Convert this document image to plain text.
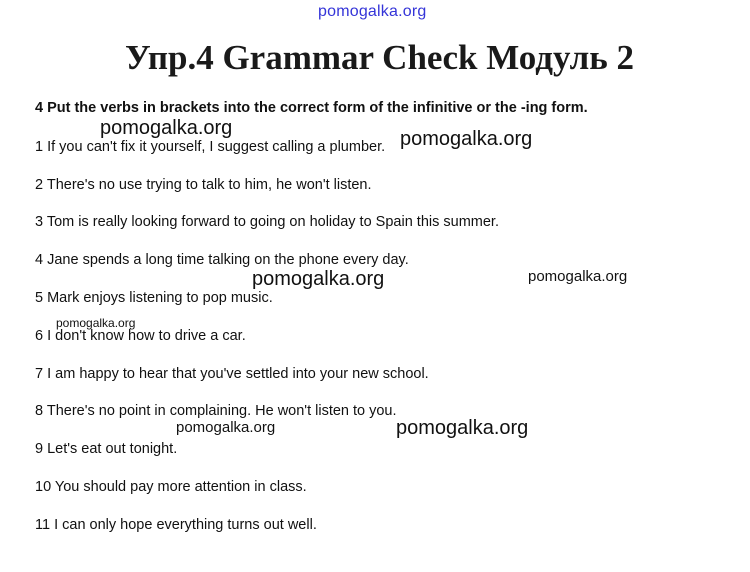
pomogalka.org
Упр.4 Grammar Check Модуль 2
4 Put the verbs in brackets into the correct form of the infinitive or the -ing form.
1 If you can't fix it yourself, I suggest calling a plumber.
2 There's no use trying to talk to him, he won't listen.
3 Tom is really looking forward to going on holiday to Spain this summer.
4 Jane spends a long time talking on the phone every day.
5 Mark enjoys listening to pop music.
6 I don't know how to drive a car.
7 I am happy to hear that you've settled into your new school.
8 There's no point in complaining. He won't listen to you.
9 Let's eat out tonight.
10 You should pay more attention in class.
11 I can only hope everything turns out well.
pomogalka.org	pomogalka.org
pomogalka.org	pomogalka.org
pomogalka.org
pomogalka.org	pomogalka.org
